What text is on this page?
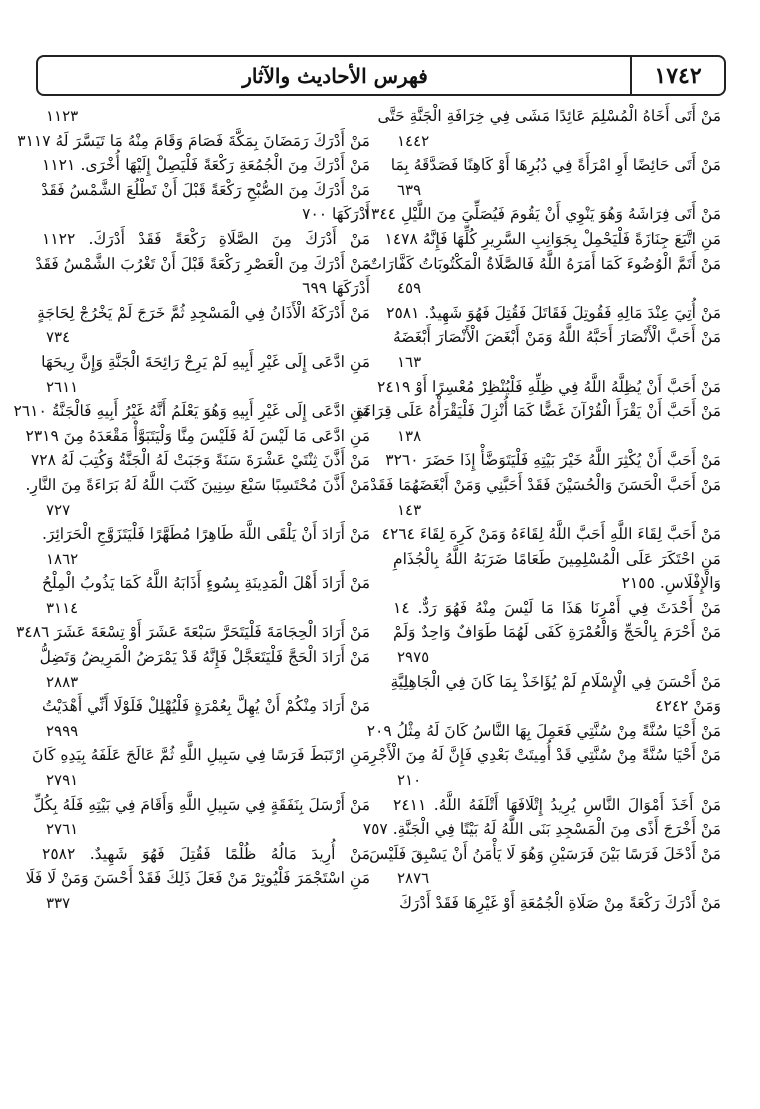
١٧٤٢
فهرس الأحاديث والآثار
مَنْ أَتَى أَخَاهُ الْمُسْلِمَ عَائِدًا مَشَى فِي خِرَافَةِ الْجَنَّةِ حَتَّى
١٤٤٢
مَنْ أَتَى حَائِضًا أَوِ امْرَأَةً فِي دُبُرِهَا أَوْ كَاهِنًا فَصَدَّقَهُ بِمَا
٦٣٩
مَنْ أَتَى فِرَاشَهُ وَهُوَ يَنْوِي أَنْ يَقُومَ فَيُصَلِّيَ مِنَ اللَّيْلِ ١٣٤٤
مَنِ اتَّبَعَ جِنَازَةً فَلْيَحْمِلْ بِجَوَانِبِ السَّرِيرِ كُلِّهَا فَإِنَّهُ ١٤٧٨
مَنْ أَتَمَّ الْوُضُوءَ كَمَا أَمَرَهُ اللَّهُ فَالصَّلَاةُ الْمَكْتُوبَاتُ كَفَّارَاتٌ
٤٥٩
مَنْ أُتِيَ عِنْدَ مَالِهِ فَقُوتِلَ فَقَاتَلَ فَقُتِلَ فَهُوَ شَهِيدٌ. ٢٥٨١
مَنْ أَحَبَّ الْأَنْصَارَ أَحَبَّهُ اللَّهُ وَمَنْ أَبْغَضَ الْأَنْصَارَ أَبْغَضَهُ
١٦٣
مَنْ أَحَبَّ أَنْ يُظِلَّهُ اللَّهُ فِي ظِلِّهِ فَلْيُنْظِرْ مُعْسِرًا أَوْ ٢٤١٩
مَنْ أَحَبَّ أَنْ يَقْرَأَ الْقُرْآنَ غَضًّا كَمَا أُنْزِلَ فَلْيَقْرَأْهُ عَلَى قِرَاءَةِ
١٣٨
مَنْ أَحَبَّ أَنْ يُكْثِرَ اللَّهُ خَيْرَ بَيْتِهِ فَلْيَتَوَضَّأْ إِذَا حَضَرَ ٣٢٦٠
مَنْ أَحَبَّ الْحَسَنَ وَالْحُسَيْنَ فَقَدْ أَحَبَّنِي وَمَنْ أَبْغَضَهُمَا فَقَدْ
١٤٣
مَنْ أَحَبَّ لِقَاءَ اللَّهِ أَحَبَّ اللَّهُ لِقَاءَهُ وَمَنْ كَرِهَ لِقَاءَ ٤٢٦٤
مَنِ احْتَكَرَ عَلَى الْمُسْلِمِينَ طَعَامًا ضَرَبَهُ اللَّهُ بِالْجُذَامِ
وَالْإِفْلَاسِ. ٢١٥٥
مَنْ أَحْدَثَ فِي أَمْرِنَا هَذَا مَا لَيْسَ مِنْهُ فَهُوَ رَدٌّ. ١٤
مَنْ أَحْرَمَ بِالْحَجِّ وَالْعُمْرَةِ كَفَى لَهُمَا طَوَافٌ وَاحِدٌ وَلَمْ
٢٩٧٥
مَنْ أَحْسَنَ فِي الْإِسْلَامِ لَمْ يُؤَاخَذْ بِمَا كَانَ فِي الْجَاهِلِيَّةِ
وَمَنْ ٤٢٤٢
مَنْ أَحْيَا سُنَّةً مِنْ سُنَّتِي فَعَمِلَ بِهَا النَّاسُ كَانَ لَهُ مِثْلُ ٢٠٩
مَنْ أَحْيَا سُنَّةً مِنْ سُنَّتِي قَدْ أُمِيتَتْ بَعْدِي فَإِنَّ لَهُ مِنَ الْأَجْرِ
٢١٠
مَنْ أَخَذَ أَمْوَالَ النَّاسِ يُرِيدُ إِتْلَافَهَا أَتْلَفَهُ اللَّهُ. ٢٤١١
مَنْ أَخْرَجَ أَذًى مِنَ الْمَسْجِدِ بَنَى اللَّهُ لَهُ بَيْتًا فِي الْجَنَّةِ. ٧٥٧
مَنْ أَدْخَلَ فَرَسًا بَيْنَ فَرَسَيْنِ وَهُوَ لَا يَأْمَنُ أَنْ يَسْبِقَ فَلَيْسَ
٢٨٧٦
مَنْ أَدْرَكَ رَكْعَةً مِنْ صَلَاةِ الْجُمُعَةِ أَوْ غَيْرِهَا فَقَدْ أَدْرَكَ
١١٢٣
مَنْ أَدْرَكَ رَمَضَانَ بِمَكَّةَ فَصَامَ وَقَامَ مِنْهُ مَا تَيَسَّرَ لَهُ ٣١١٧
مَنْ أَدْرَكَ مِنَ الْجُمُعَةِ رَكْعَةً فَلْيَصِلْ إِلَيْهَا أُخْرَى. ١١٢١
مَنْ أَدْرَكَ مِنَ الصُّبْحِ رَكْعَةً قَبْلَ أَنْ تَطْلُعَ الشَّمْسُ فَقَدْ
أَدْرَكَهَا ٧٠٠
مَنْ أَدْرَكَ مِنَ الصَّلَاةِ رَكْعَةً فَقَدْ أَدْرَكَ. ١١٢٢
مَنْ أَدْرَكَ مِنَ الْعَصْرِ رَكْعَةً قَبْلَ أَنْ تَغْرُبَ الشَّمْسُ فَقَدْ
أَدْرَكَهَا ٦٩٩
مَنْ أَدْرَكَهُ الْأَذَانُ فِي الْمَسْجِدِ ثُمَّ خَرَجَ لَمْ يَخْرُجْ لِحَاجَةٍ
٧٣٤
مَنِ ادَّعَى إِلَى غَيْرِ أَبِيهِ لَمْ يَرِحْ رَائِحَةَ الْجَنَّةِ وَإِنَّ رِيحَهَا
٢٦١١
مَنِ ادَّعَى إِلَى غَيْرِ أَبِيهِ وَهُوَ يَعْلَمُ أَنَّهُ غَيْرُ أَبِيهِ فَالْجَنَّةُ ٢٦١٠
مَنِ ادَّعَى مَا لَيْسَ لَهُ فَلَيْسَ مِنَّا وَلْيَتَبَوَّأْ مَقْعَدَهُ مِنَ ٢٣١٩
مَنْ أَذَّنَ ثِنْتَيْ عَشْرَةَ سَنَةً وَجَبَتْ لَهُ الْجَنَّةُ وَكُتِبَ لَهُ ٧٢٨
مَنْ أَذَّنَ مُحْتَسِبًا سَبْعَ سِنِينَ كَتَبَ اللَّهُ لَهُ بَرَاءَةً مِنَ النَّارِ.
٧٢٧
مَنْ أَرَادَ أَنْ يَلْقَى اللَّهَ طَاهِرًا مُطَهَّرًا فَلْيَتَزَوَّجِ الْحَرَائِرَ.
١٨٦٢
مَنْ أَرَادَ أَهْلَ الْمَدِينَةِ بِسُوءٍ أَذَابَهُ اللَّهُ كَمَا يَذُوبُ الْمِلْحُ
٣١١٤
مَنْ أَرَادَ الْحِجَامَةَ فَلْيَتَحَرَّ سَبْعَةَ عَشَرَ أَوْ تِسْعَةَ عَشَرَ ٣٤٨٦
مَنْ أَرَادَ الْحَجَّ فَلْيَتَعَجَّلْ فَإِنَّهُ قَدْ يَمْرَضُ الْمَرِيضُ وَتَضِلُّ
٢٨٨٣
مَنْ أَرَادَ مِنْكُمْ أَنْ يُهِلَّ بِعُمْرَةٍ فَلْيُهْلِلْ فَلَوْلَا أَنِّي أَهْدَيْتُ
٢٩٩٩
مَنِ ارْتَبَطَ فَرَسًا فِي سَبِيلِ اللَّهِ ثُمَّ عَالَجَ عَلَفَهُ بِيَدِهِ كَانَ
٢٧٩١
مَنْ أَرْسَلَ بِنَفَقَةٍ فِي سَبِيلِ اللَّهِ وَأَقَامَ فِي بَيْتِهِ فَلَهُ بِكُلِّ
٢٧٦١
مَنْ أُرِيدَ مَالُهُ ظُلْمًا فَقُتِلَ فَهُوَ شَهِيدٌ. ٢٥٨٢
مَنِ اسْتَجْمَرَ فَلْيُوتِرْ مَنْ فَعَلَ ذَلِكَ فَقَدْ أَحْسَنَ وَمَنْ لَا فَلَا
٣٣٧
